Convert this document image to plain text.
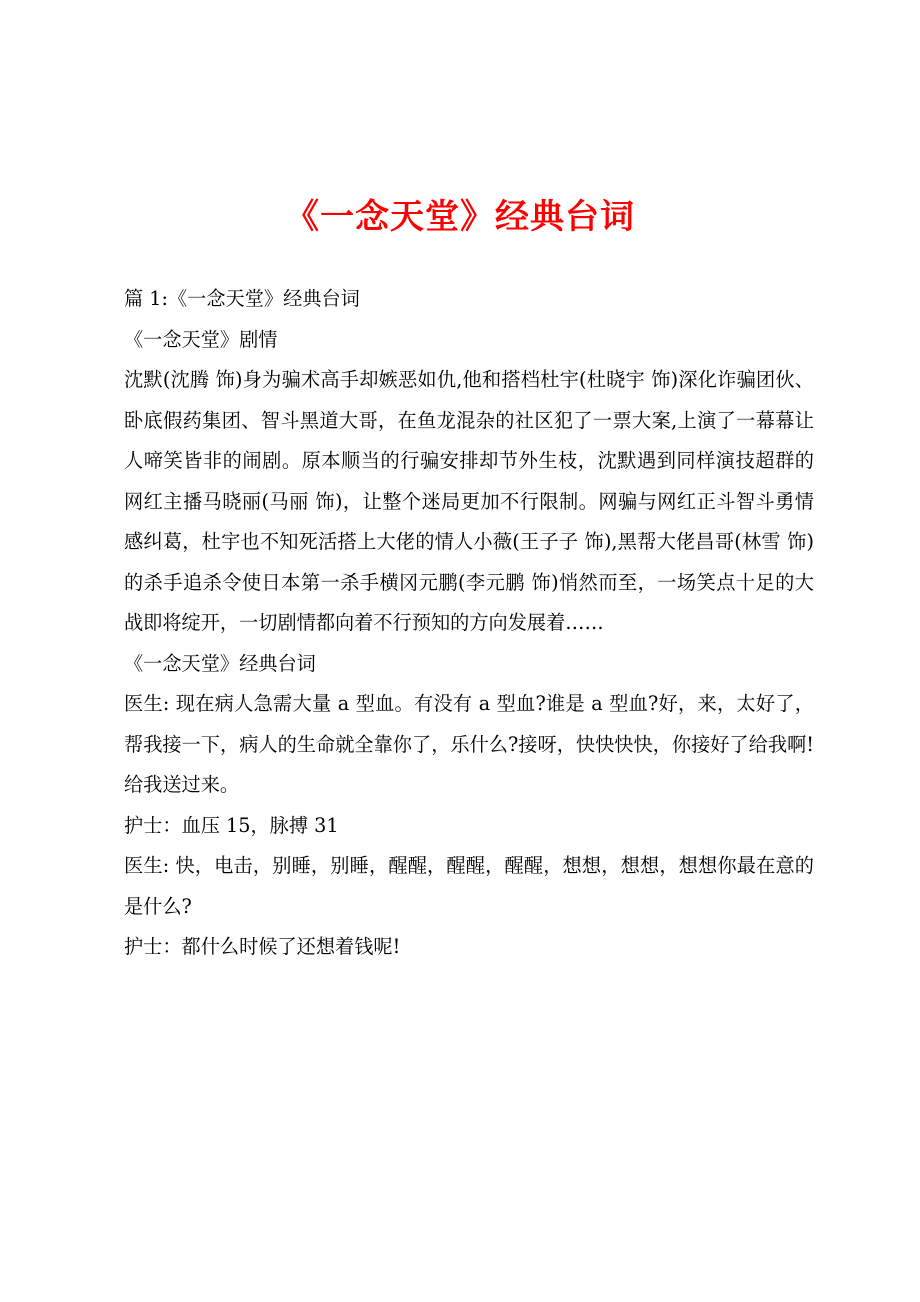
《一念天堂》经典台词

篇 1:《一念天堂》经典台词

《一念天堂》剧情

沈默(沈腾 饰)身为骗术高手却嫉恶如仇,他和搭档杜宇(杜晓宇 饰)深化诈骗团伙、卧底假药集团、智斗黑道大哥，在鱼龙混杂的社区犯了一票大案,上演了一幕幕让人啼笑皆非的闹剧。原本顺当的行骗安排却节外生枝，沈默遇到同样演技超群的网红主播马晓丽(马丽 饰)，让整个迷局更加不行限制。网骗与网红正斗智斗勇情感纠葛，杜宇也不知死活搭上大佬的情人小薇(王子子 饰),黑帮大佬昌哥(林雪 饰)的杀手追杀令使日本第一杀手横冈元鹏(李元鹏 饰)悄然而至，一场笑点十足的大战即将绽开，一切剧情都向着不行预知的方向发展着……

《一念天堂》经典台词

医生: 现在病人急需大量 a 型血。有没有 a 型血?谁是 a 型血?好，来，太好了，帮我接一下，病人的生命就全靠你了，乐什么?接呀，快快快快，你接好了给我啊!给我送过来。

护士：血压 15，脉搏 31

医生: 快，电击，别睡，别睡，醒醒，醒醒，醒醒，想想，想想，想想你最在意的是什么?

护士：都什么时候了还想着钱呢!
